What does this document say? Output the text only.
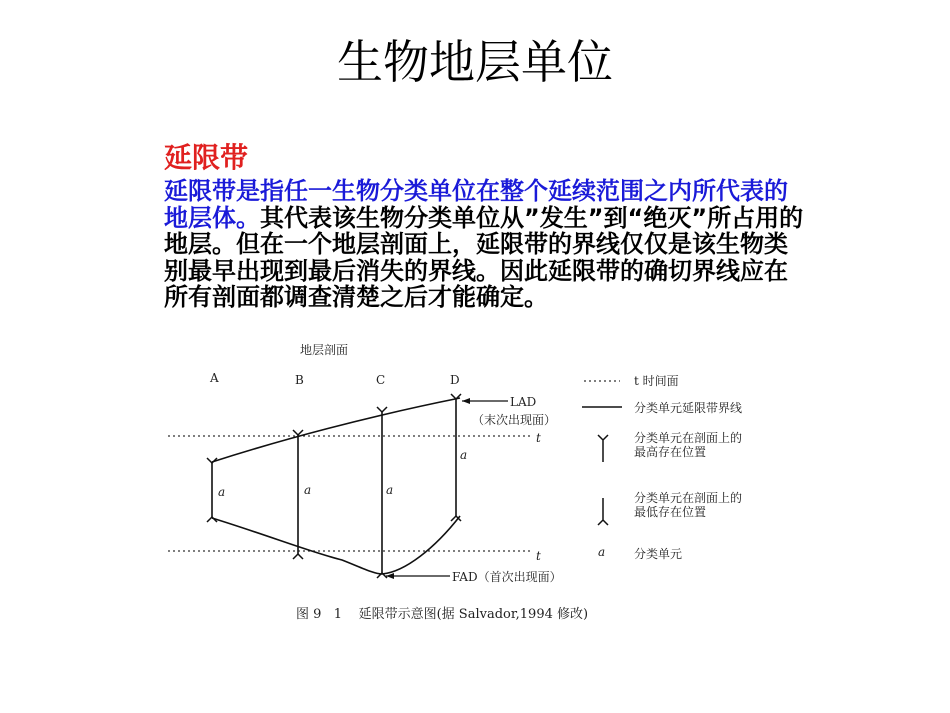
生物地层单位
延限带
延限带是指任一生物分类单位在整个延续范围之内所代表的地层体。其代表该生物分类单位从”发生”到“绝灭”所占用的地层。但在一个地层剖面上，延限带的界线仅仅是该生物类别最早出现到最后消失的界线。因此延限带的确切界线应在所有剖面都调查清楚之后才能确定。
地层剖面
A	B	C	D
t
t
a	a	a
a
LAD
（末次出现面）
FAD（首次出现面）
t 时间面
分类单元延限带界线
分类单元在剖面上的
最高存在位置
分类单元在剖面上的
最低存在位置
a 分类单元
图 9   1    延限带示意图(据 Salvador,1994 修改)
